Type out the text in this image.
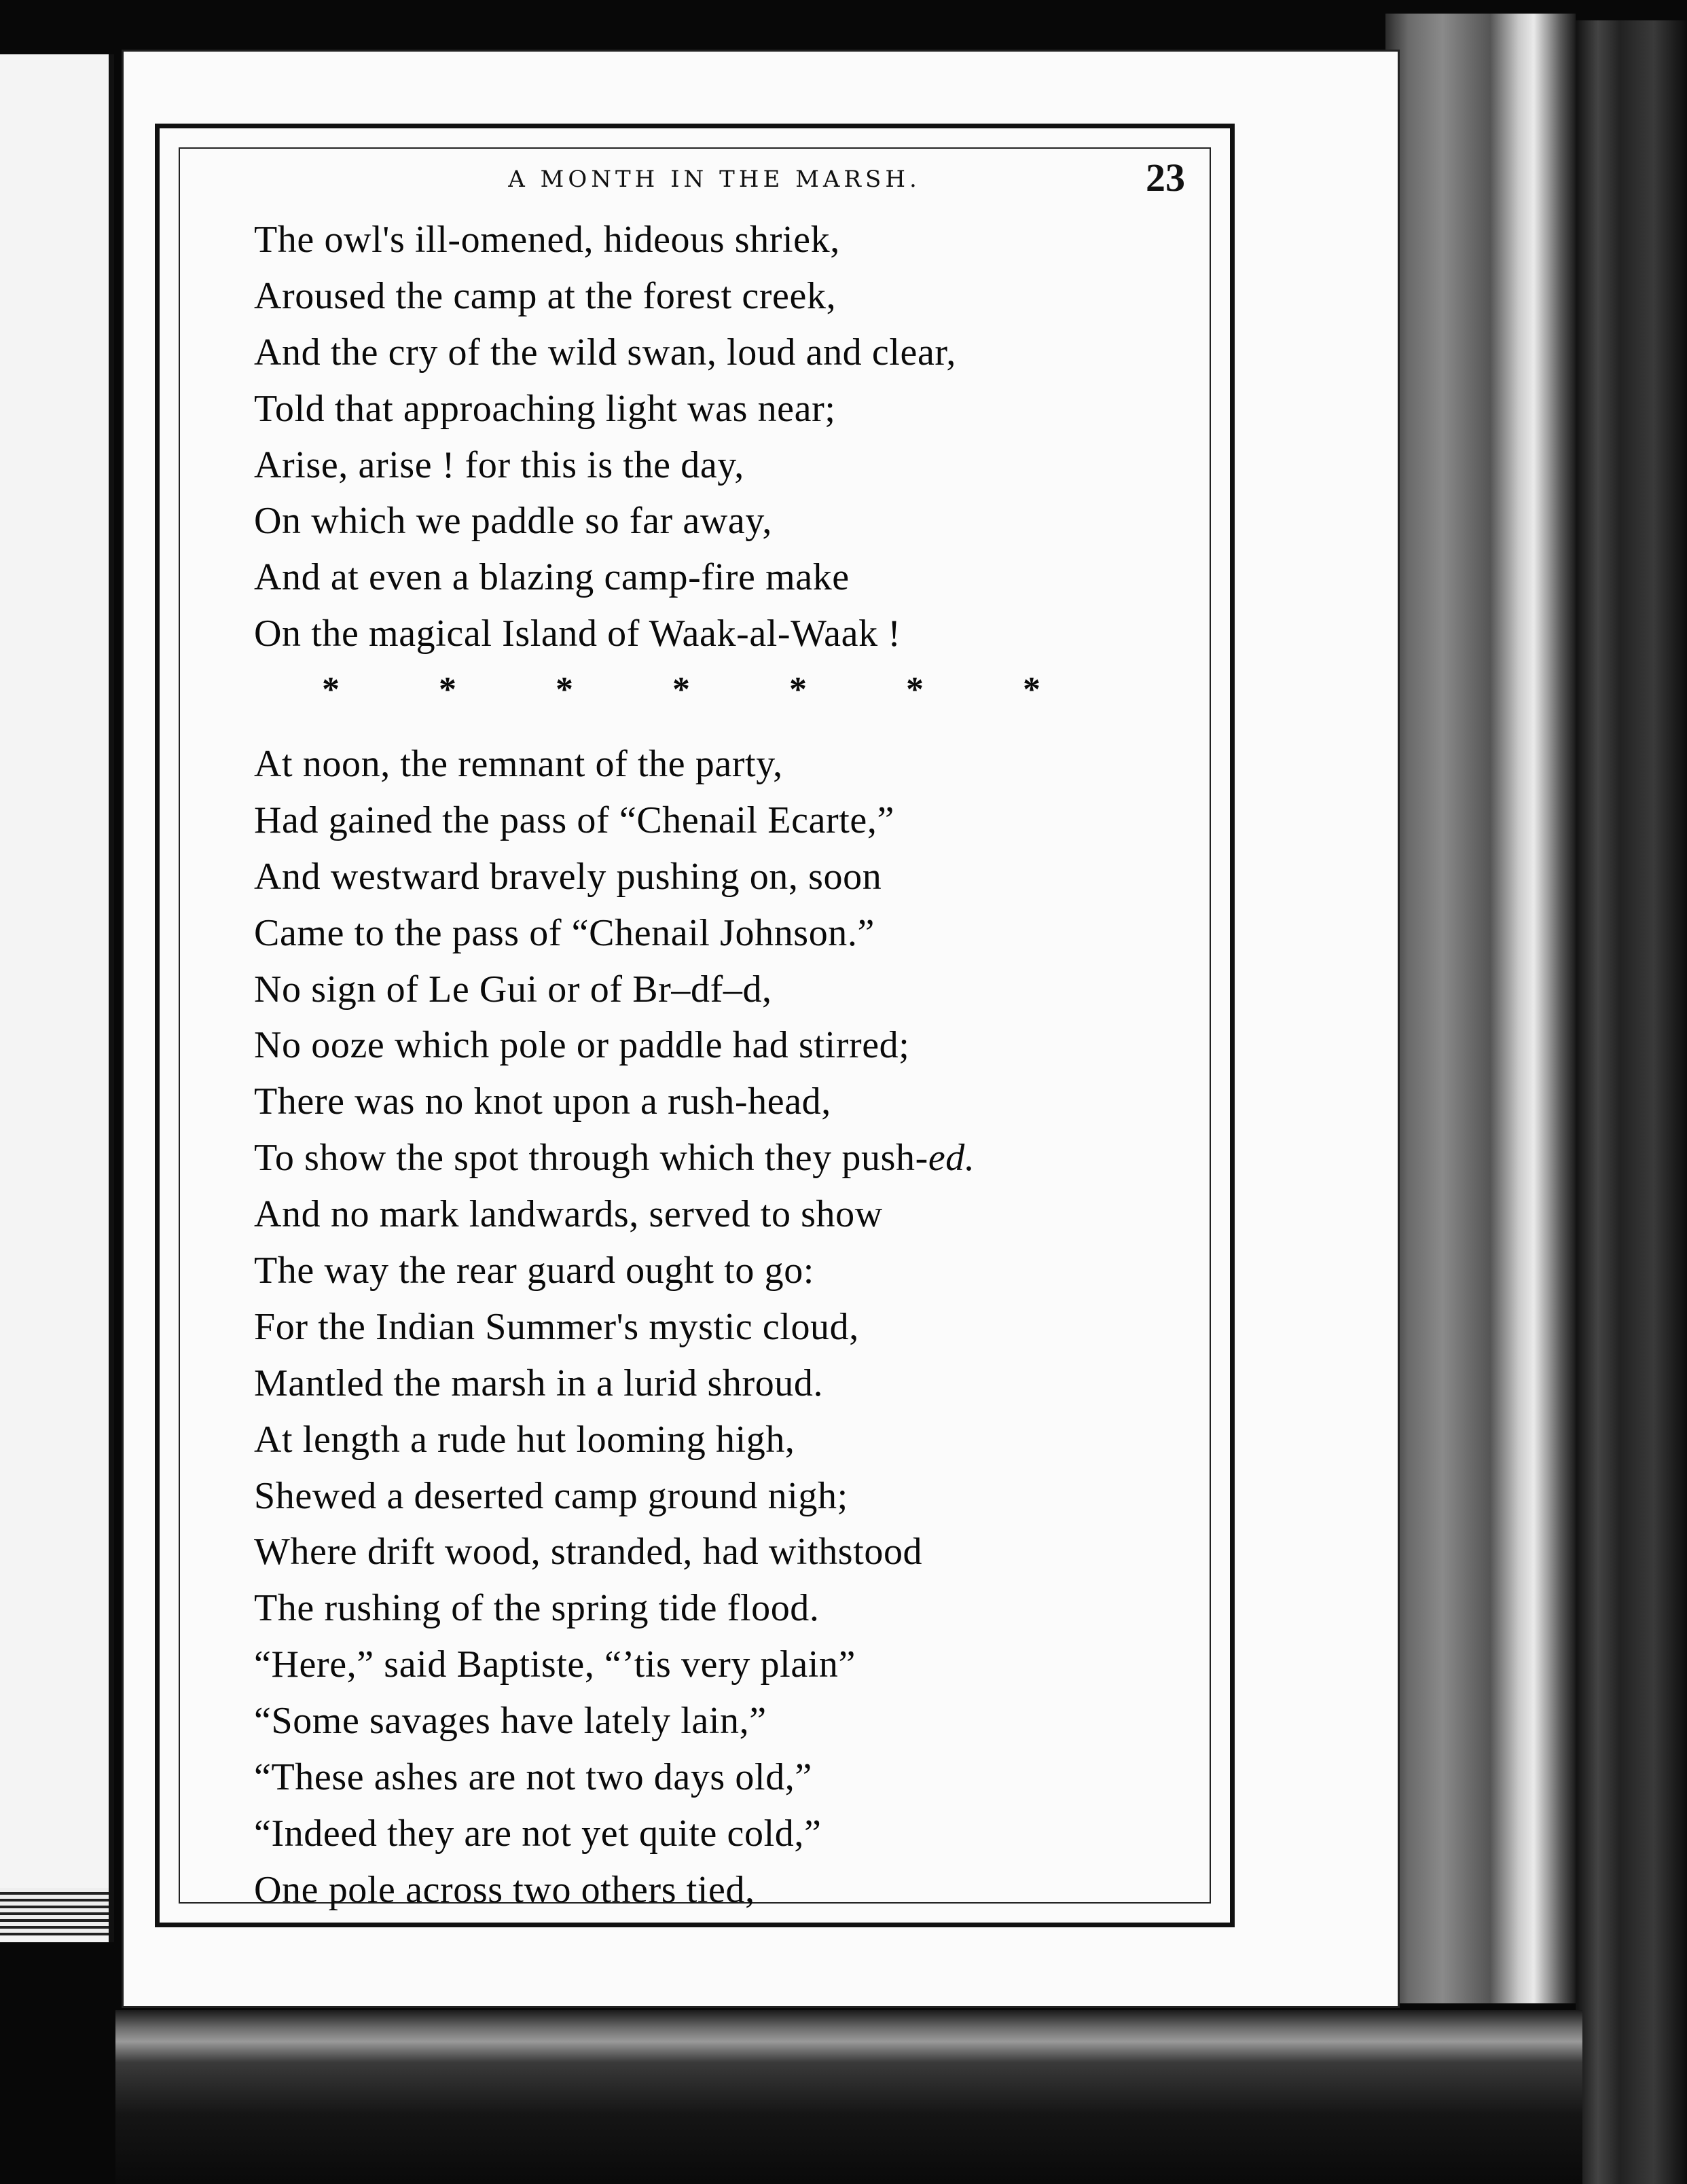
A MONTH IN THE MARSH.	23
The owl's ill-omened, hideous shriek,
Aroused the camp at the forest creek,
And the cry of the wild swan, loud and clear,
Told that approaching light was near;
Arise, arise ! for this is the day,
On which we paddle so far away,
And at even a blazing camp-fire make
On the magical Island of Waak-al-Waak !
*	*	*	*	*	*	*
At noon, the remnant of the party,
Had gained the pass of “Chenail Ecarte,”
And westward bravely pushing on, soon
Came to the pass of “Chenail Johnson.”
No sign of Le Gui or of Br–df–d,
No ooze which pole or paddle had stirred;
There was no knot upon a rush-head,
To show the spot through which they push-ed.
And no mark landwards, served to show
The way the rear guard ought to go:
For the Indian Summer's mystic cloud,
Mantled the marsh in a lurid shroud.
At length a rude hut looming high,
Shewed a deserted camp ground nigh;
Where drift wood, stranded, had withstood
The rushing of the spring tide flood.
“Here,” said Baptiste, “’tis very plain”
“Some savages have lately lain,”
“These ashes are not two days old,”
“Indeed they are not yet quite cold,”
One pole across two others tied,
